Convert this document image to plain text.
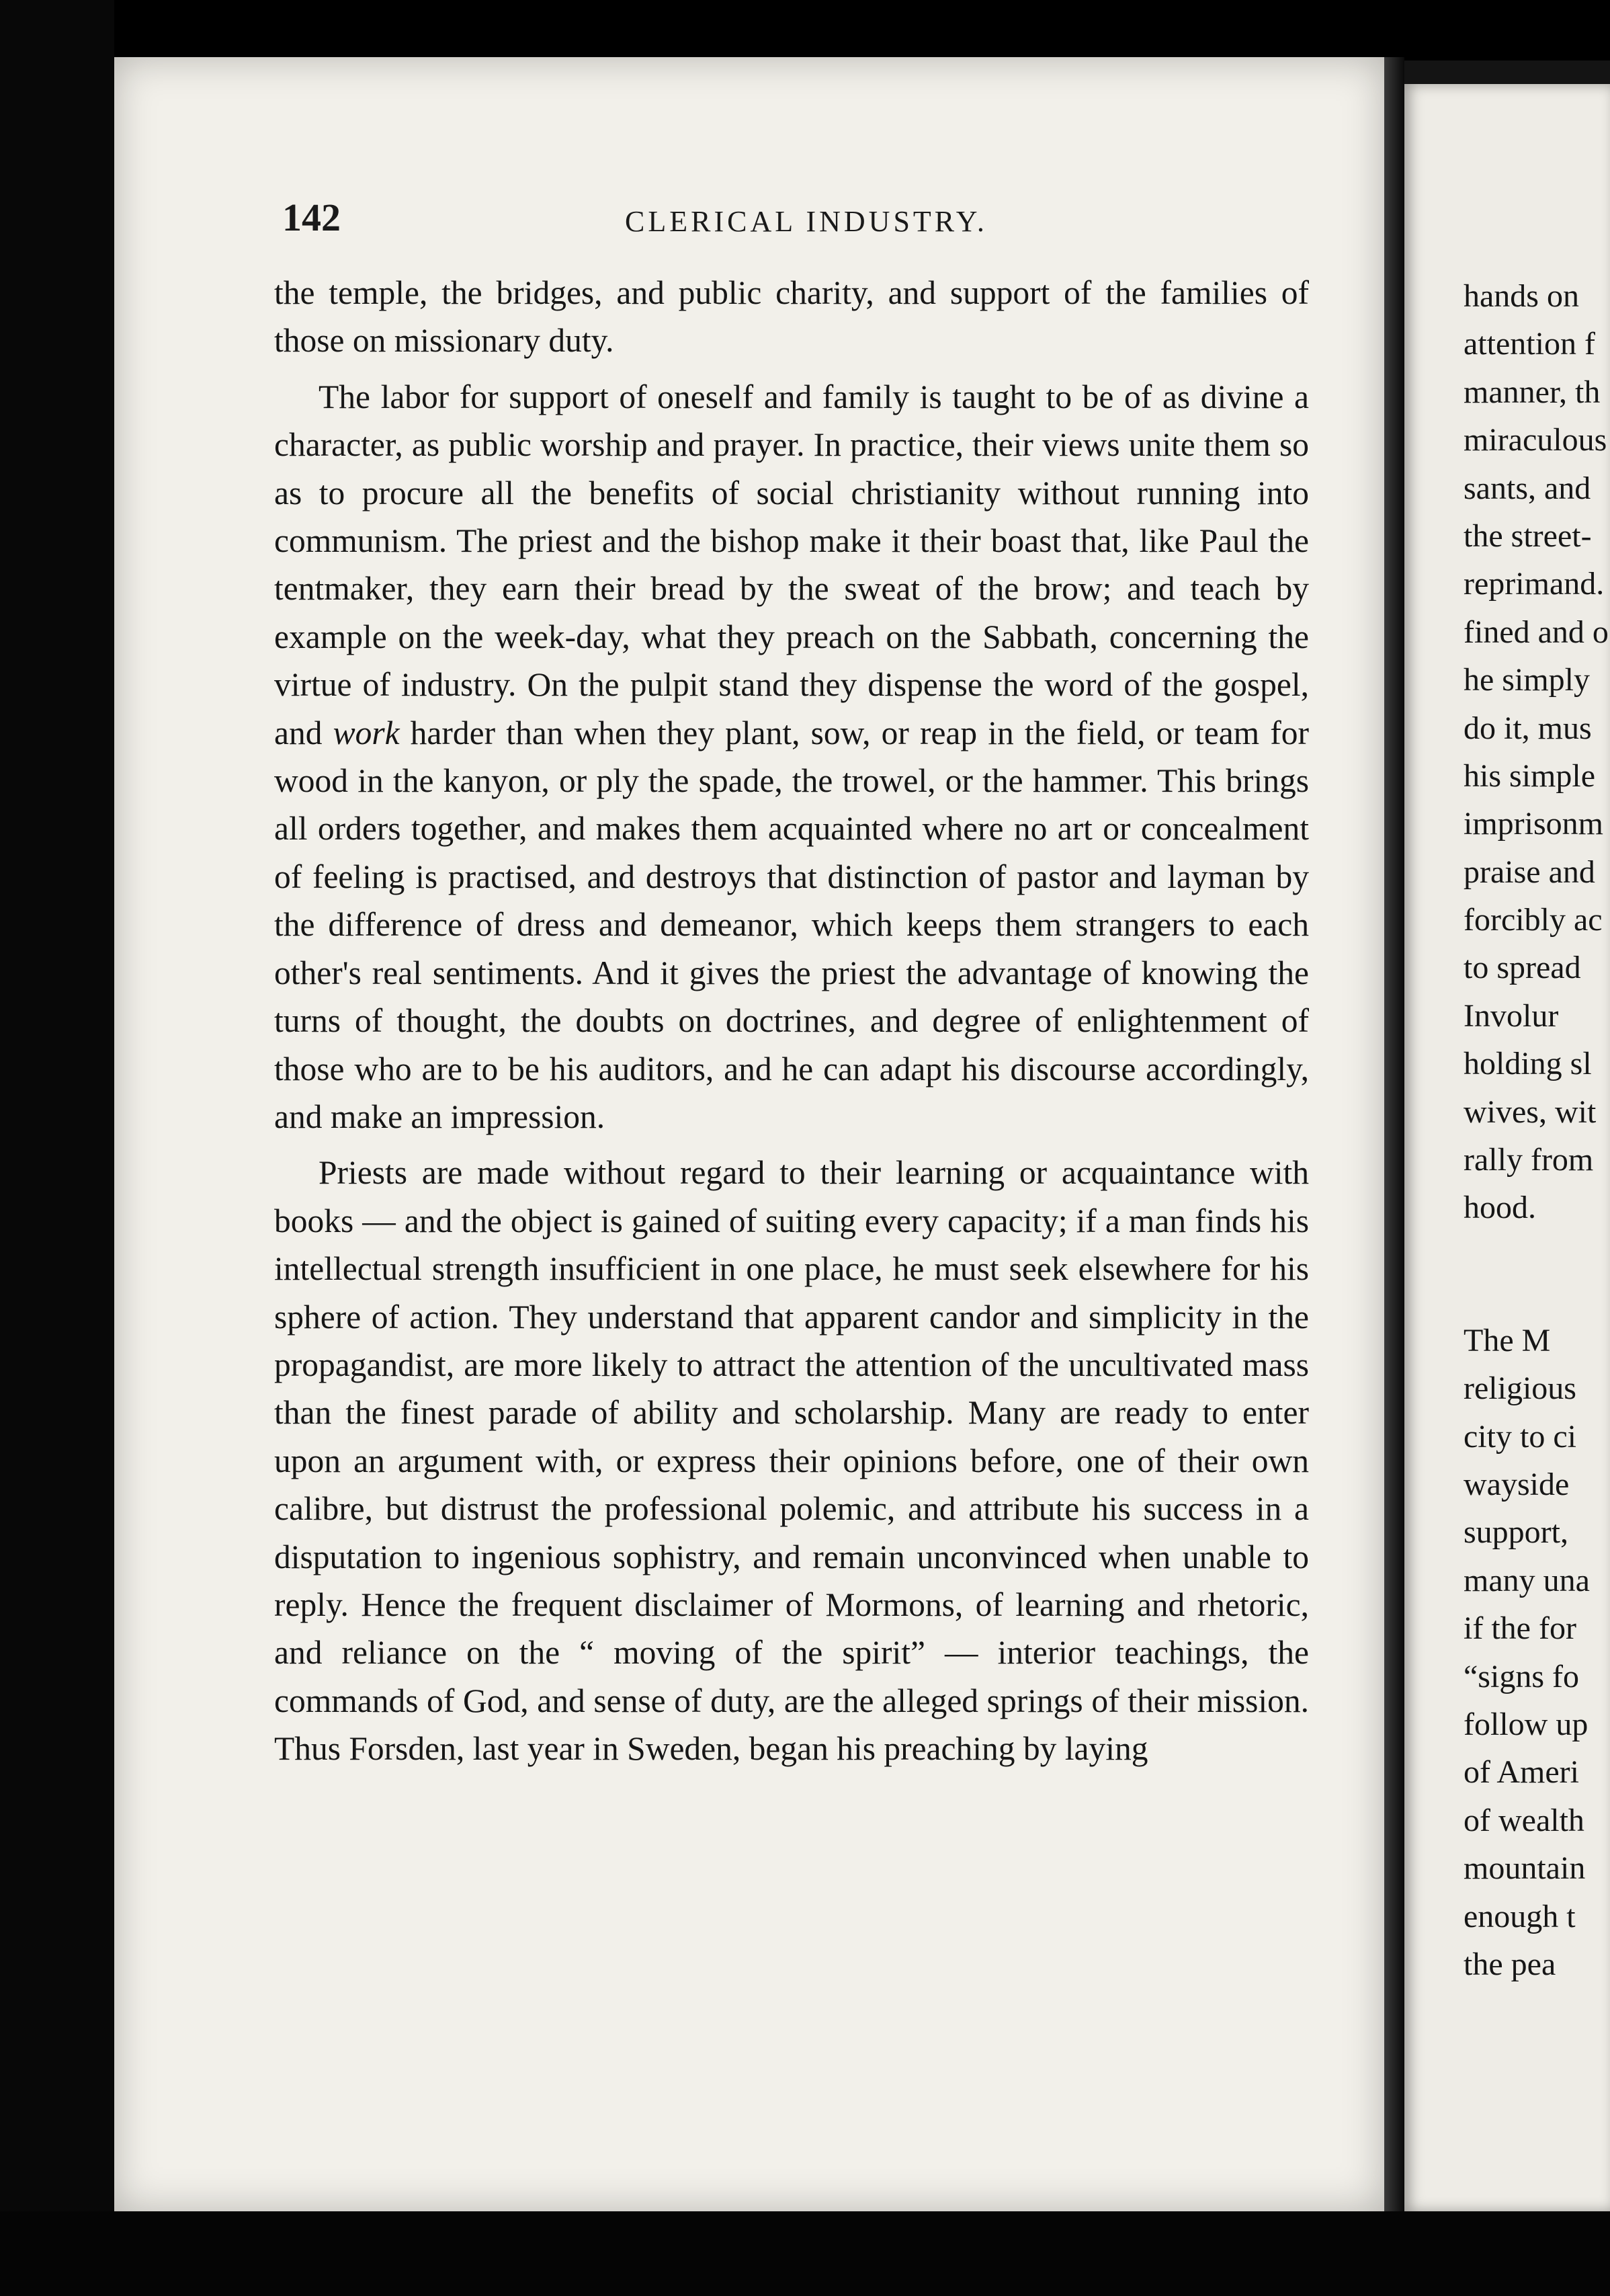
142	CLERICAL INDUSTRY.

the temple, the bridges, and public charity, and support of the families of those on missionary duty.

The labor for support of oneself and family is taught to be of as divine a character, as public worship and prayer. In practice, their views unite them so as to procure all the benefits of social christianity without running into communism. The priest and the bishop make it their boast that, like Paul the tentmaker, they earn their bread by the sweat of the brow; and teach by example on the week-day, what they preach on the Sabbath, concerning the virtue of industry. On the pulpit stand they dispense the word of the gospel, and work harder than when they plant, sow, or reap in the field, or team for wood in the kanyon, or ply the spade, the trowel, or the hammer. This brings all orders together, and makes them acquainted where no art or concealment of feeling is practised, and destroys that distinction of pastor and layman by the difference of dress and demeanor, which keeps them strangers to each other's real sentiments. And it gives the priest the advantage of knowing the turns of thought, the doubts on doctrines, and degree of enlightenment of those who are to be his auditors, and he can adapt his discourse accordingly, and make an impression.

Priests are made without regard to their learning or acquaintance with books — and the object is gained of suiting every capacity; if a man finds his intellectual strength insufficient in one place, he must seek elsewhere for his sphere of action. They understand that apparent candor and simplicity in the propagandist, are more likely to attract the attention of the uncultivated mass than the finest parade of ability and scholarship. Many are ready to enter upon an argument with, or express their opinions before, one of their own calibre, but distrust the professional polemic, and attribute his success in a disputation to ingenious sophistry, and remain unconvinced when unable to reply. Hence the frequent disclaimer of Mormons, of learning and rhetoric, and reliance on the “ moving of the spirit” — interior teachings, the commands of God, and sense of duty, are the alleged springs of their mission. Thus Forsden, last year in Sweden, began his preaching by laying

hands on
attention f
manner, th
miraculous
sants, and
the street-
reprimand.
fined and o
he simply
do it, mus
his simple
imprisonm
praise and
forcibly ac
to spread
Involur
holding sl
wives, wit
rally from
hood.
The M
religious
city to ci
wayside
support,
many una
if the for
“signs fo
follow up
of Ameri
of wealth
mountain
enough t
the pea
